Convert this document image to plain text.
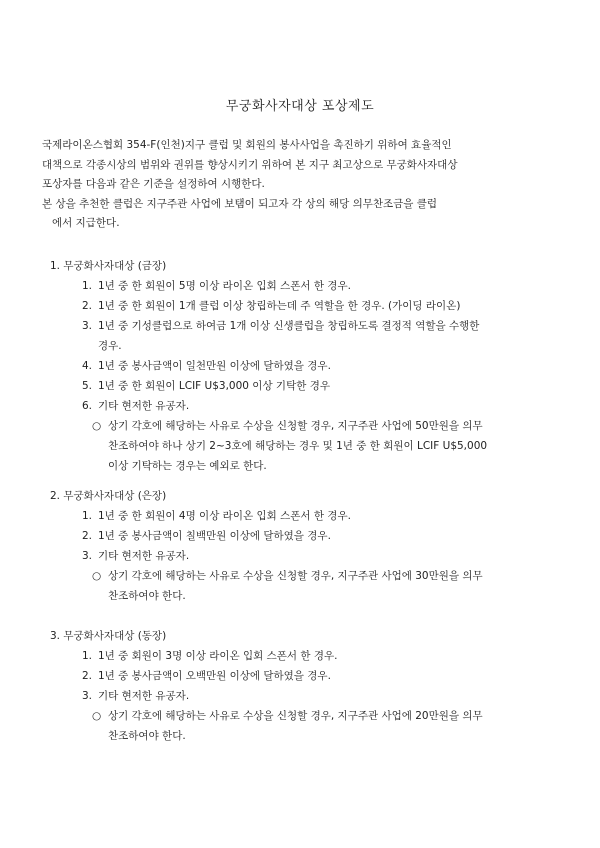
무궁화사자대상 포상제도

국제라이온스협회 354-F(인천)지구 클럽 및 회원의 봉사사업을 촉진하기 위하여 효율적인

대책으로 각종시상의 범위와 권위를 향상시키기 위하여 본 지구 최고상으로 무궁화사자대상

포상자를 다음과 같은 기준을 설정하여 시행한다.

본 상을 추천한 클럽은 지구주관 사업에 보탬이 되고자 각 상의 해당 의무찬조금을 클럽

에서 지급한다.

1. 무궁화사자대상 (금장)
1. 1년 중 한 회원이 5명 이상 라이온 입회 스폰서 한 경우.
2. 1년 중 한 회원이 1개 클럽 이상 창립하는데 주 역할을 한 경우. (가이딩 라이온)
3. 1년 중 기성클럽으로 하여금 1개 이상 신생클럽을 창립하도록 결정적 역할을 수행한
경우.
4. 1년 중 봉사금액이 일천만원 이상에 달하였을 경우.
5. 1년 중 한 회원이 LCIF U$3,000 이상 기탁한 경우
6. 기타 현저한 유공자.
○ 상기 각호에 해당하는 사유로 수상을 신청할 경우, 지구주관 사업에 50만원을 의무
찬조하여야 하나 상기 2~3호에 해당하는 경우 및 1년 중 한 회원이 LCIF U$5,000
이상 기탁하는 경우는 예외로 한다.
2. 무궁화사자대상 (은장)
1. 1년 중 한 회원이 4명 이상 라이온 입회 스폰서 한 경우.
2. 1년 중 봉사금액이 칠백만원 이상에 달하였을 경우.
3. 기타 현저한 유공자.
○ 상기 각호에 해당하는 사유로 수상을 신청할 경우, 지구주관 사업에 30만원을 의무
찬조하여야 한다.
3. 무궁화사자대상 (동장)
1. 1년 중 회원이 3명 이상 라이온 입회 스폰서 한 경우.
2. 1년 중 봉사금액이 오백만원 이상에 달하였을 경우.
3. 기타 현저한 유공자.
○ 상기 각호에 해당하는 사유로 수상을 신청할 경우, 지구주관 사업에 20만원을 의무
찬조하여야 한다.
